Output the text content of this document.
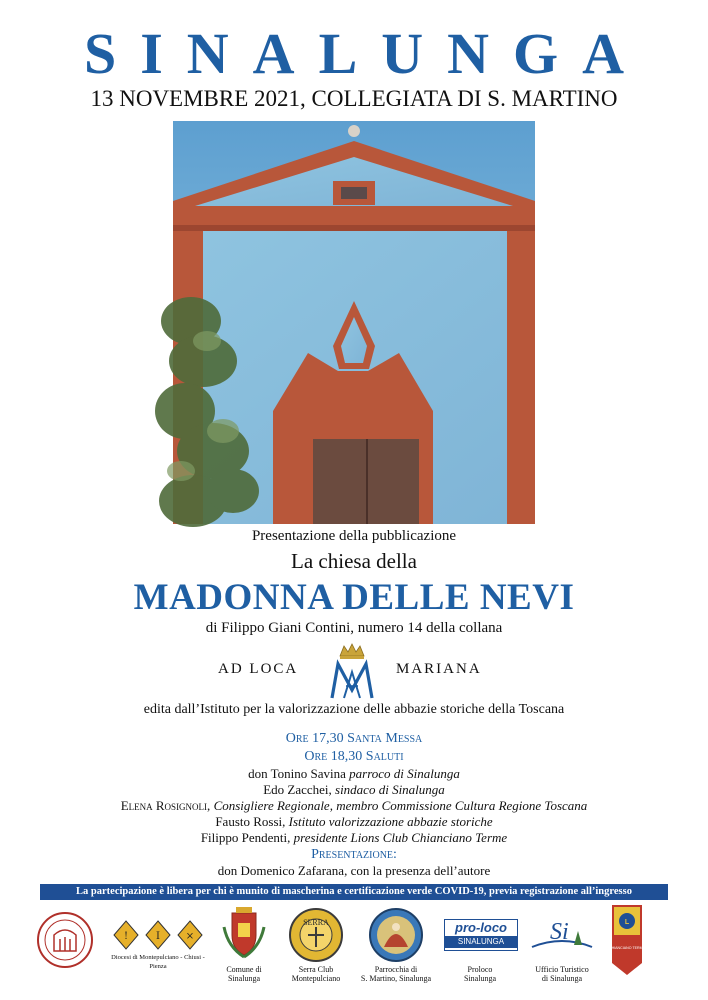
SINALUNGA
13 NOVEMBRE 2021, COLLEGIATA DI S. MARTINO
Presentazione della pubblicazione
La chiesa della
MADONNA DELLE NEVI
di Filippo Giani Contini, numero 14 della collana
AD LOCA	MARIANA
edita dall’Istituto per la valorizzazione delle abbazie storiche della Toscana
Ore 17,30 Santa Messa
Ore 18,30 Saluti
don Tonino Savina parroco di Sinalunga
Edo Zacchei, sindaco di Sinalunga
Elena Rosignoli, Consigliere Regionale, membro Commissione Cultura Regione Toscana
Fausto Rossi, Istituto valorizzazione abbazie storiche
Filippo Pendenti, presidente Lions Club Chianciano Terme
Presentazione:
don Domenico Zafarana, con la presenza dell’autore
La partecipazione è libera per chi è munito di mascherina e certificazione verde COVID-19, previa registrazione all’ingresso
!	I	×
Diocesi di Montepulciano - Chiusi - Pienza	Comune di
Sinalunga
SERRA
Serra Club
Montepulciano
Parrocchia di
S. Martino, Sinalunga
pro-loco
SINALUNGA
Proloco
Sinalunga
Si
Ufficio Turistico
di Sinalunga
L
CHIANCIANO TERME
